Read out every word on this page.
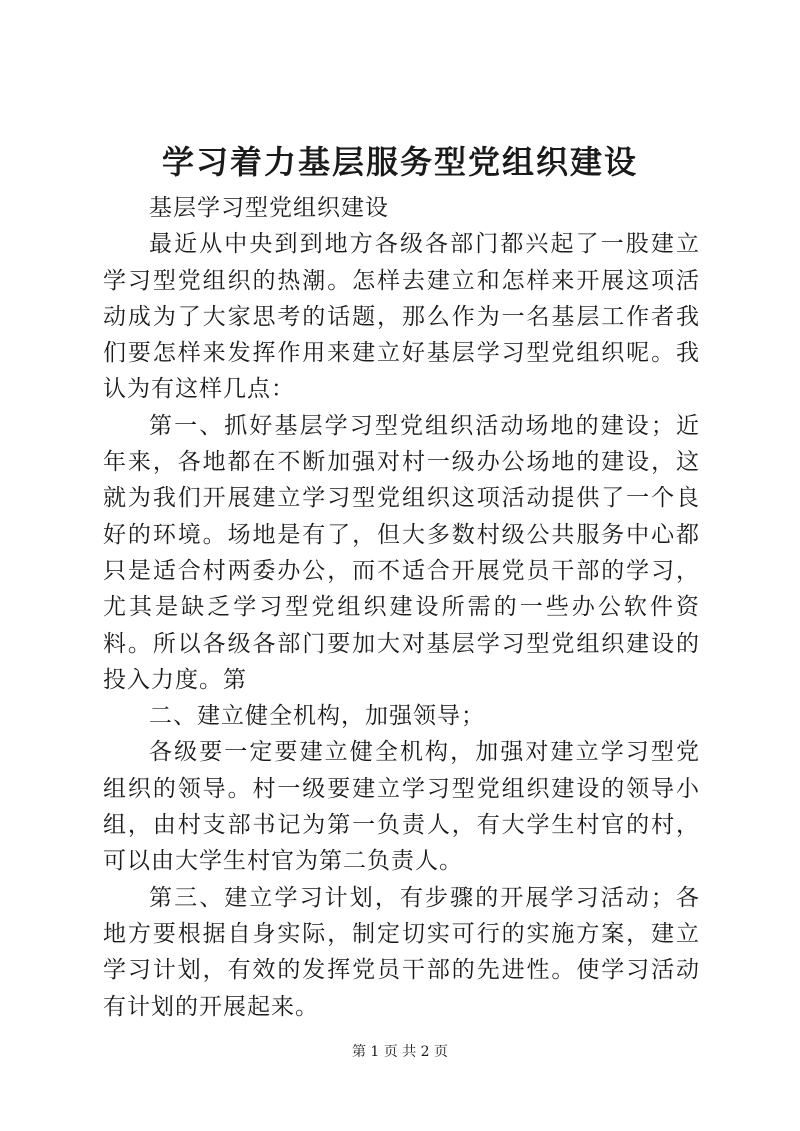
学习着力基层服务型党组织建设

基层学习型党组织建设

最近从中央到到地方各级各部门都兴起了一股建立学习型党组织的热潮。怎样去建立和怎样来开展这项活动成为了大家思考的话题，那么作为一名基层工作者我们要怎样来发挥作用来建立好基层学习型党组织呢。我认为有这样几点：

第一、抓好基层学习型党组织活动场地的建设；近年来，各地都在不断加强对村一级办公场地的建设，这就为我们开展建立学习型党组织这项活动提供了一个良好的环境。场地是有了，但大多数村级公共服务中心都只是适合村两委办公，而不适合开展党员干部的学习，尤其是缺乏学习型党组织建设所需的一些办公软件资料。所以各级各部门要加大对基层学习型党组织建设的投入力度。第

二、建立健全机构，加强领导；

各级要一定要建立健全机构，加强对建立学习型党组织的领导。村一级要建立学习型党组织建设的领导小组，由村支部书记为第一负责人，有大学生村官的村，可以由大学生村官为第二负责人。

第三、建立学习计划，有步骤的开展学习活动；各地方要根据自身实际，制定切实可行的实施方案，建立学习计划，有效的发挥党员干部的先进性。使学习活动有计划的开展起来。

第 1 页 共 2 页
